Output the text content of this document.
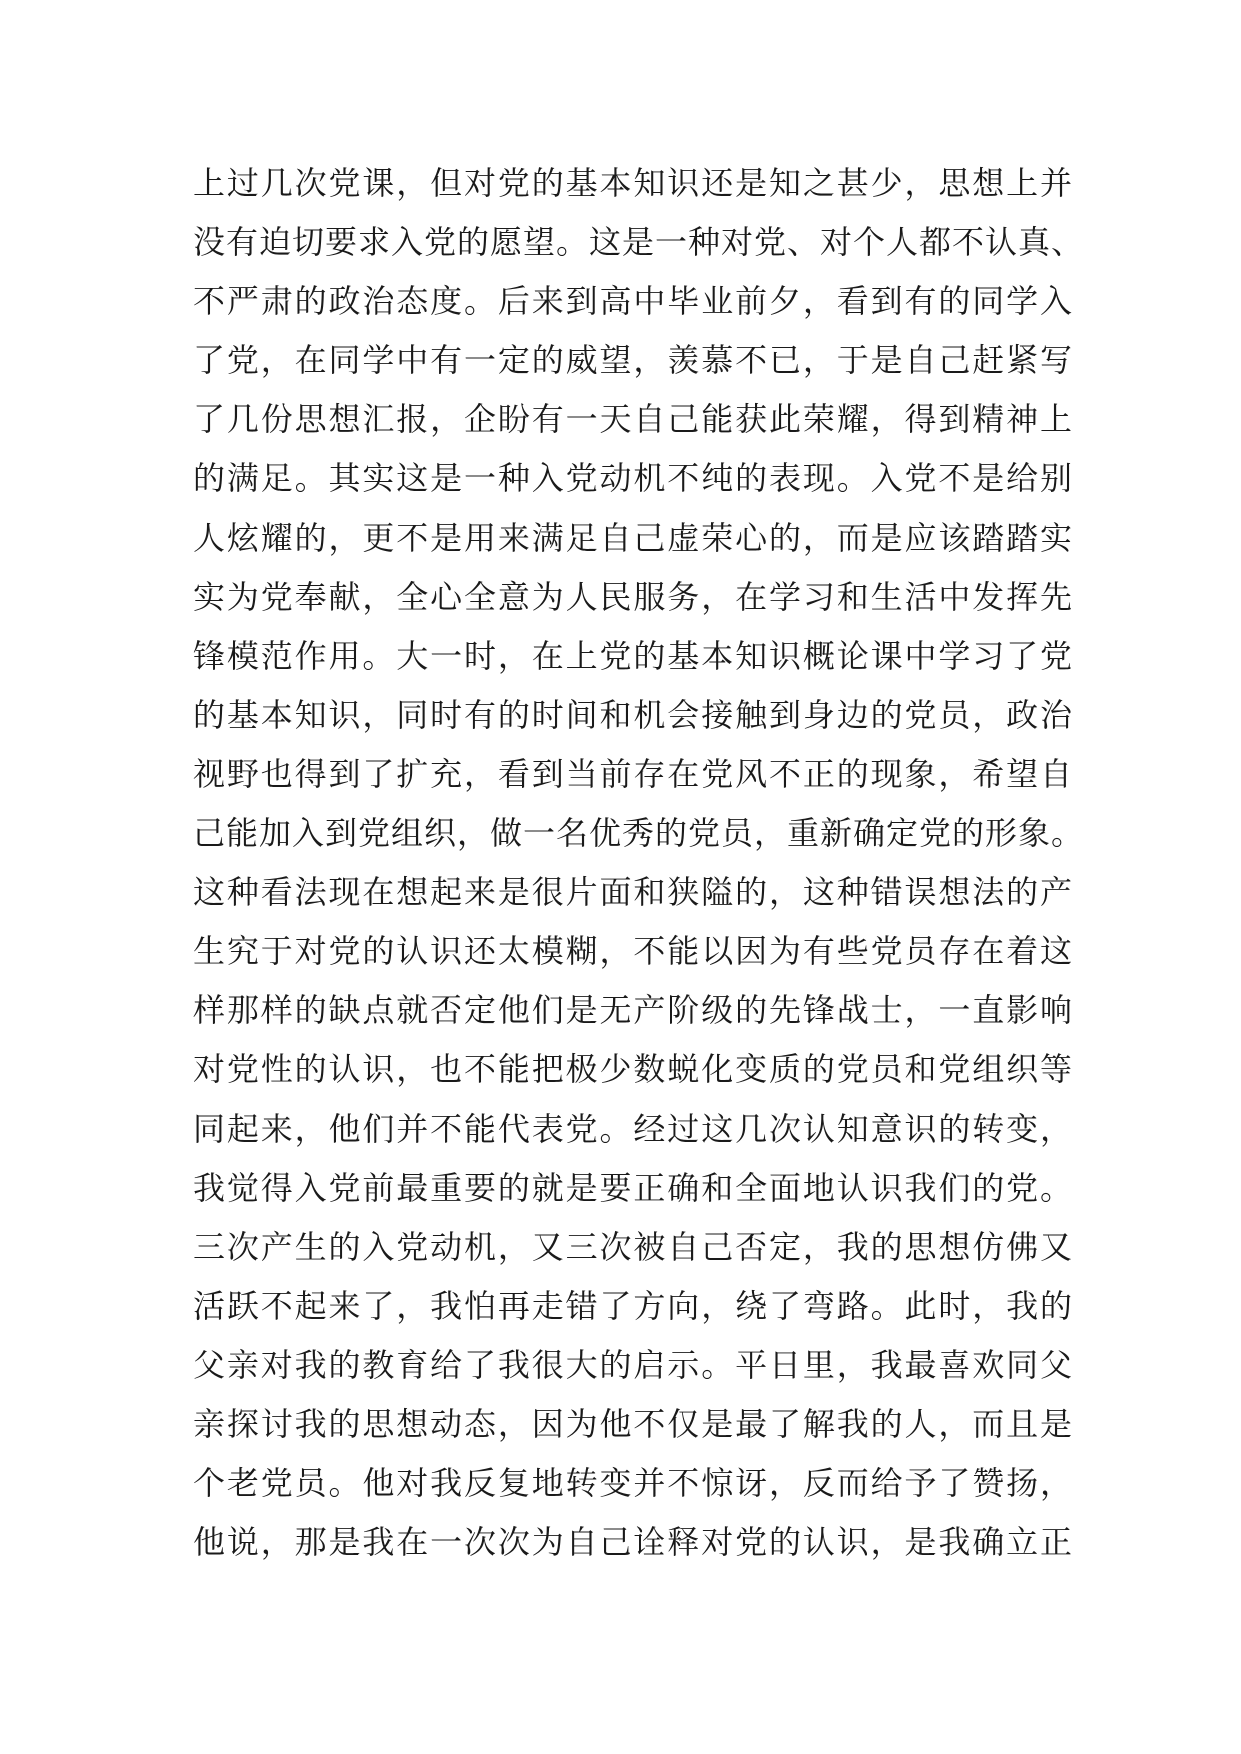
上过几次党课，但对党的基本知识还是知之甚少，思想上并
没有迫切要求入党的愿望。这是一种对党、对个人都不认真、
不严肃的政治态度。后来到高中毕业前夕，看到有的同学入
了党，在同学中有一定的威望，羡慕不已，于是自己赶紧写
了几份思想汇报，企盼有一天自己能获此荣耀，得到精神上
的满足。其实这是一种入党动机不纯的表现。入党不是给别
人炫耀的，更不是用来满足自己虚荣心的，而是应该踏踏实
实为党奉献，全心全意为人民服务，在学习和生活中发挥先
锋模范作用。大一时，在上党的基本知识概论课中学习了党
的基本知识，同时有的时间和机会接触到身边的党员，政治
视野也得到了扩充，看到当前存在党风不正的现象，希望自
己能加入到党组织，做一名优秀的党员，重新确定党的形象。
这种看法现在想起来是很片面和狭隘的，这种错误想法的产
生究于对党的认识还太模糊，不能以因为有些党员存在着这
样那样的缺点就否定他们是无产阶级的先锋战士，一直影响
对党性的认识，也不能把极少数蜕化变质的党员和党组织等
同起来，他们并不能代表党。经过这几次认知意识的转变，
我觉得入党前最重要的就是要正确和全面地认识我们的党。
三次产生的入党动机，又三次被自己否定，我的思想仿佛又
活跃不起来了，我怕再走错了方向，绕了弯路。此时，我的
父亲对我的教育给了我很大的启示。平日里，我最喜欢同父
亲探讨我的思想动态，因为他不仅是最了解我的人，而且是
个老党员。他对我反复地转变并不惊讶，反而给予了赞扬，
他说，那是我在一次次为自己诠释对党的认识，是我确立正
